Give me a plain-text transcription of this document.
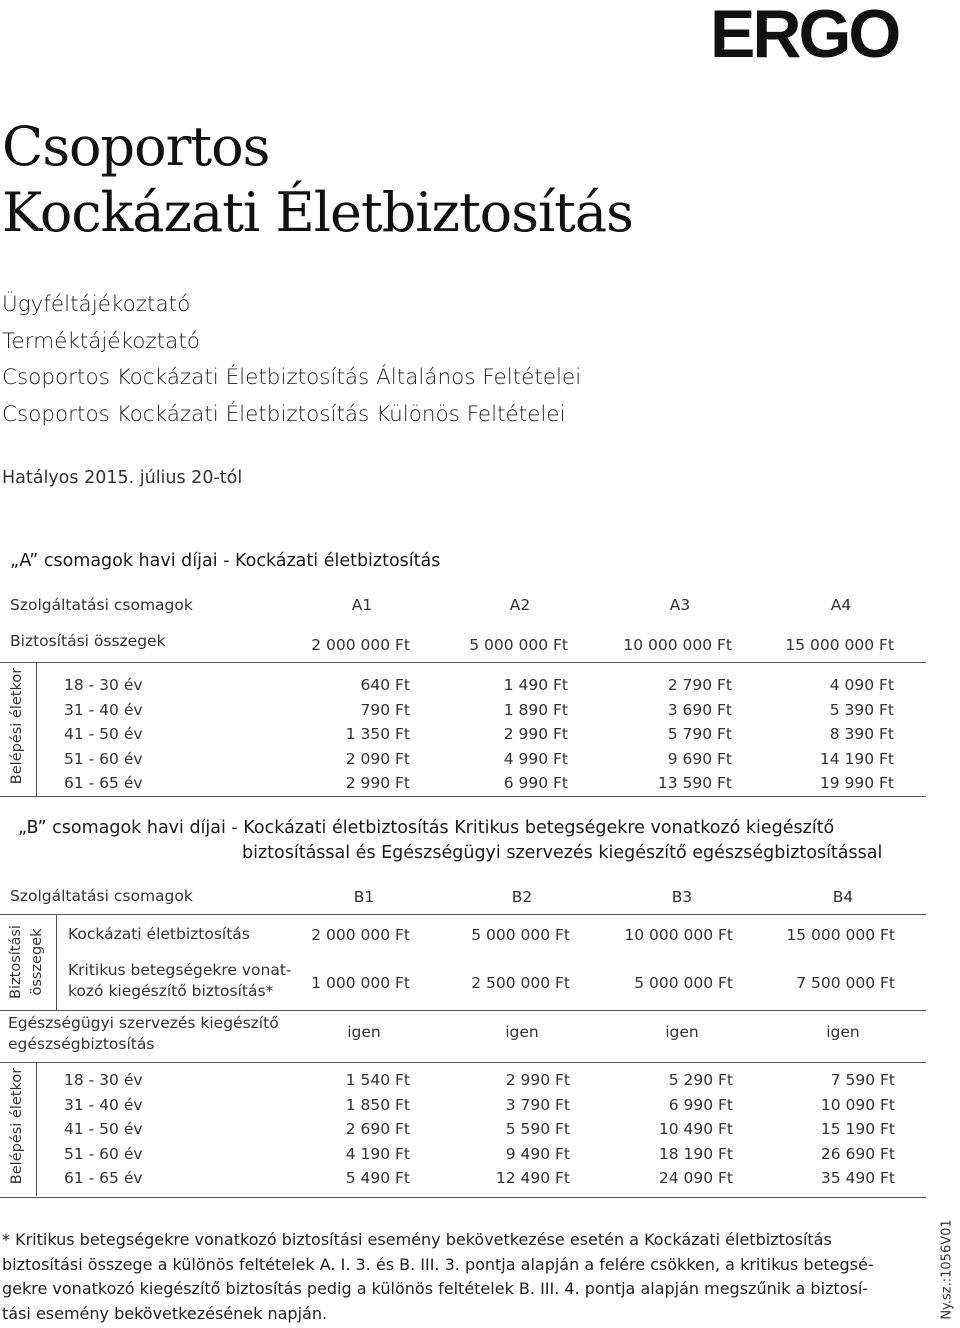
ERGO
Csoportos
Kockázati Életbiztosítás
Ügyféltájékoztató
Terméktájékoztató
Csoportos Kockázati Életbiztosítás Általános Feltételei
Csoportos Kockázati Életbiztosítás Különös Feltételei
Hatályos 2015. július 20-tól
„A” csomagok havi díjai - Kockázati életbiztosítás
Szolgáltatási csomagok	A1	A2	A3	A4
Biztosítási összegek	2 000 000 Ft	5 000 000 Ft	10 000 000 Ft	15 000 000 Ft
Belépési életkor	18 - 30 év	640 Ft	1 490 Ft	2 790 Ft	4 090 Ft
31 - 40 év	790 Ft	1 890 Ft	3 690 Ft	5 390 Ft
41 - 50 év	1 350 Ft	2 990 Ft	5 790 Ft	8 390 Ft
51 - 60 év	2 090 Ft	4 990 Ft	9 690 Ft	14 190 Ft
61 - 65 év	2 990 Ft	6 990 Ft	13 590 Ft	19 990 Ft
„B” csomagok havi díjai - Kockázati életbiztosítás Kritikus betegségekre vonatkozó kiegészítő
biztosítással és Egészségügyi szervezés kiegészítő egészségbiztosítással
Szolgáltatási csomagok	B1	B2	B3	B4
Biztosítási összegek Kockázati életbiztosítás	2 000 000 Ft	5 000 000 Ft	10 000 000 Ft	15 000 000 Ft
Kritikus betegségekre vonat-
kozó kiegészítő biztosítás*	1 000 000 Ft	2 500 000 Ft	5 000 000 Ft	7 500 000 Ft
Egészségügyi szervezés kiegészítő
egészségbiztosítás
igen	igen	igen	igen
Belépési életkor	18 - 30 év	1 540 Ft	2 990 Ft	5 290 Ft	7 590 Ft
31 - 40 év	1 850 Ft	3 790 Ft	6 990 Ft	10 090 Ft
41 - 50 év	2 690 Ft	5 590 Ft	10 490 Ft	15 190 Ft
51 - 60 év	4 190 Ft	9 490 Ft	18 190 Ft	26 690 Ft
61 - 65 év	5 490 Ft	12 490 Ft	24 090 Ft	35 490 Ft
* Kritikus betegségekre vonatkozó biztosítási esemény bekövetkezése esetén a Kockázati életbiztosítás
biztosítási összege a különös feltételek A. I. 3. és B. III. 3. pontja alapján a felére csökken, a kritikus betegsé-
gekre vonatkozó kiegészítő biztosítás pedig a különös feltételek B. III. 4. pontja alapján megszűnik a biztosí-
tási esemény bekövetkezésének napján.	Ny.sz.:1056V01
